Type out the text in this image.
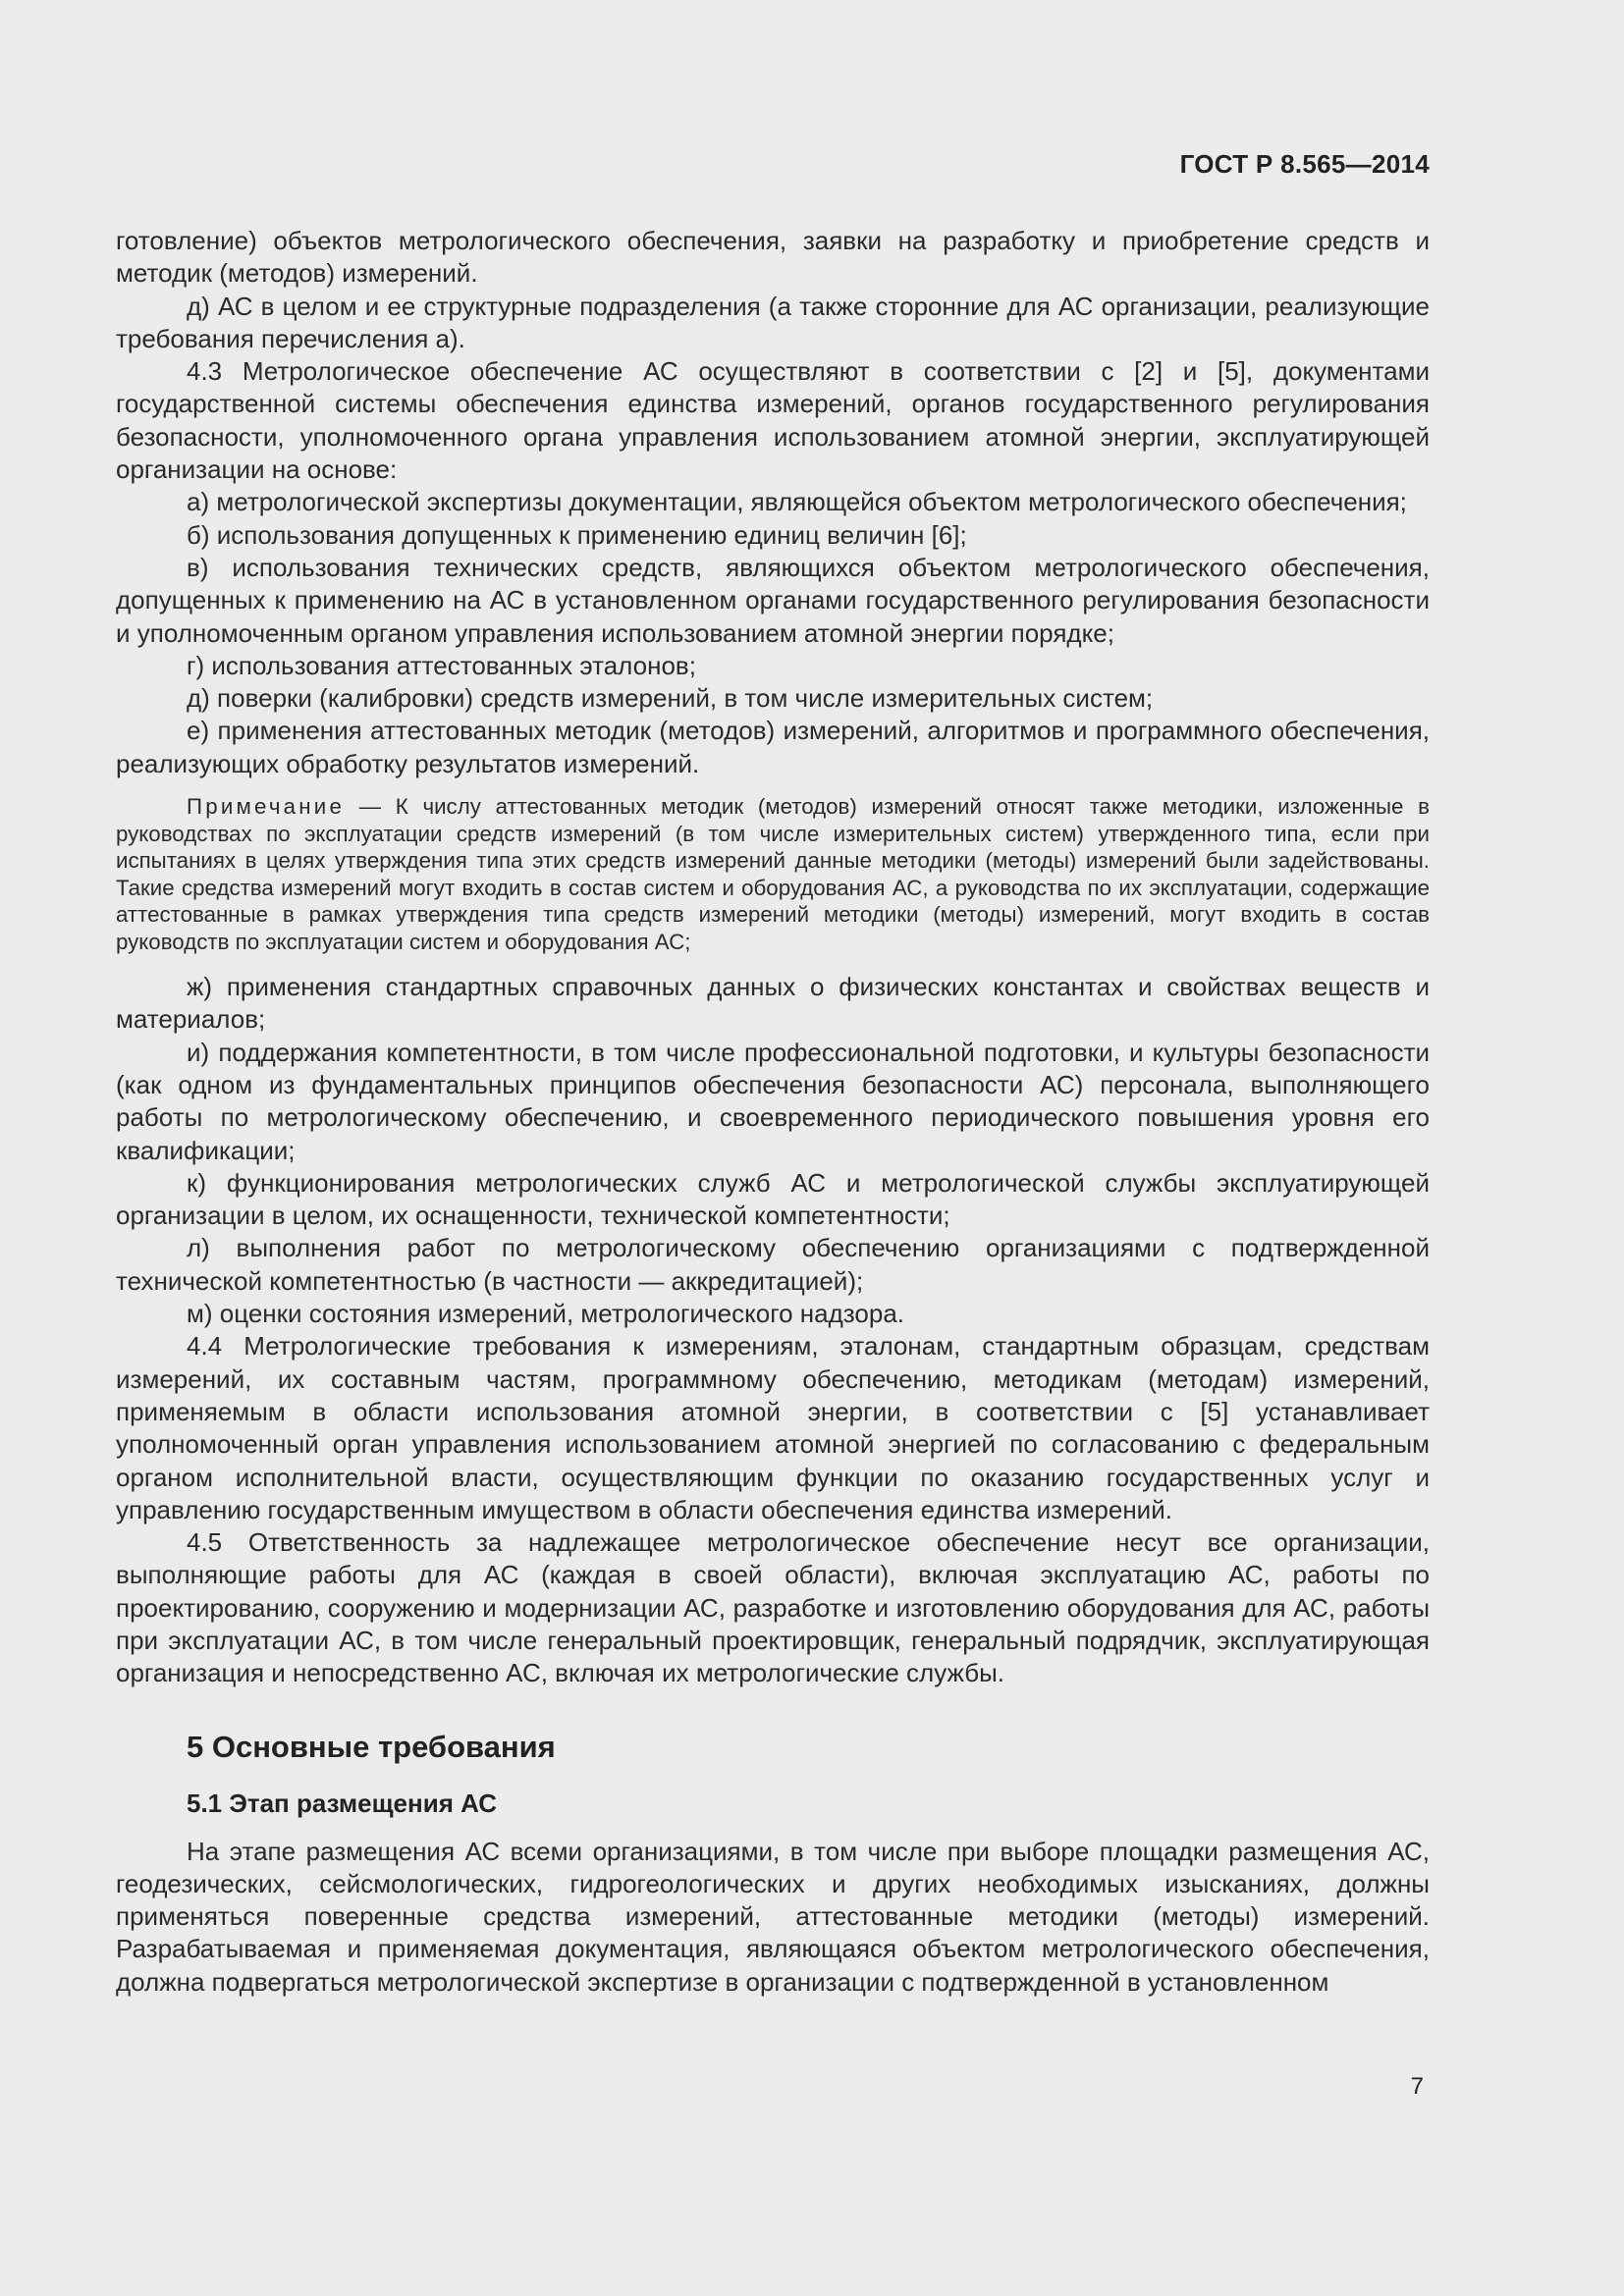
ГОСТ Р 8.565—2014

готовление) объектов метрологического обеспечения, заявки на разработку и приобретение средств и методик (методов) измерений.

д) АС в целом и ее структурные подразделения (а также сторонние для АС организации, реализующие требования перечисления а).

4.3 Метрологическое обеспечение АС осуществляют в соответствии с [2] и [5], документами государственной системы обеспечения единства измерений, органов государственного регулирования безопасности, уполномоченного органа управления использованием атомной энергии, эксплуатирующей организации на основе:

а) метрологической экспертизы документации, являющейся объектом метрологического обеспечения;

б) использования допущенных к применению единиц величин [6];

в) использования технических средств, являющихся объектом метрологического обеспечения, допущенных к применению на АС в установленном органами государственного регулирования безопасности и уполномоченным органом управления использованием атомной энергии порядке;

г) использования аттестованных эталонов;

д) поверки (калибровки) средств измерений, в том числе измерительных систем;

е) применения аттестованных методик (методов) измерений, алгоритмов и программного обеспечения, реализующих обработку результатов измерений.

Примечание — К числу аттестованных методик (методов) измерений относят также методики, изложенные в руководствах по эксплуатации средств измерений (в том числе измерительных систем) утвержденного типа, если при испытаниях в целях утверждения типа этих средств измерений данные методики (методы) измерений были задействованы. Такие средства измерений могут входить в состав систем и оборудования АС, а руководства по их эксплуатации, содержащие аттестованные в рамках утверждения типа средств измерений методики (методы) измерений, могут входить в состав руководств по эксплуатации систем и оборудования АС;

ж) применения стандартных справочных данных о физических константах и свойствах веществ и материалов;

и) поддержания компетентности, в том числе профессиональной подготовки, и культуры безопасности (как одном из фундаментальных принципов обеспечения безопасности АС) персонала, выполняющего работы по метрологическому обеспечению, и своевременного периодического повышения уровня его квалификации;

к) функционирования метрологических служб АС и метрологической службы эксплуатирующей организации в целом, их оснащенности, технической компетентности;

л) выполнения работ по метрологическому обеспечению организациями с подтвержденной технической компетентностью (в частности — аккредитацией);

м) оценки состояния измерений, метрологического надзора.

4.4 Метрологические требования к измерениям, эталонам, стандартным образцам, средствам измерений, их составным частям, программному обеспечению, методикам (методам) измерений, применяемым в области использования атомной энергии, в соответствии с [5] устанавливает уполномоченный орган управления использованием атомной энергией по согласованию с федеральным органом исполнительной власти, осуществляющим функции по оказанию государственных услуг и управлению государственным имуществом в области обеспечения единства измерений.

4.5 Ответственность за надлежащее метрологическое обеспечение несут все организации, выполняющие работы для АС (каждая в своей области), включая эксплуатацию АС, работы по проектированию, сооружению и модернизации АС, разработке и изготовлению оборудования для АС, работы при эксплуатации АС, в том числе генеральный проектировщик, генеральный подрядчик, эксплуатирующая организация и непосредственно АС, включая их метрологические службы.

5 Основные требования
5.1 Этап размещения АС

На этапе размещения АС всеми организациями, в том числе при выборе площадки размещения АС, геодезических, сейсмологических, гидрогеологических и других необходимых изысканиях, должны применяться поверенные средства измерений, аттестованные методики (методы) измерений. Разрабатываемая и применяемая документация, являющаяся объектом метрологического обеспечения, должна подвергаться метрологической экспертизе в организации с подтвержденной в установленном

7
